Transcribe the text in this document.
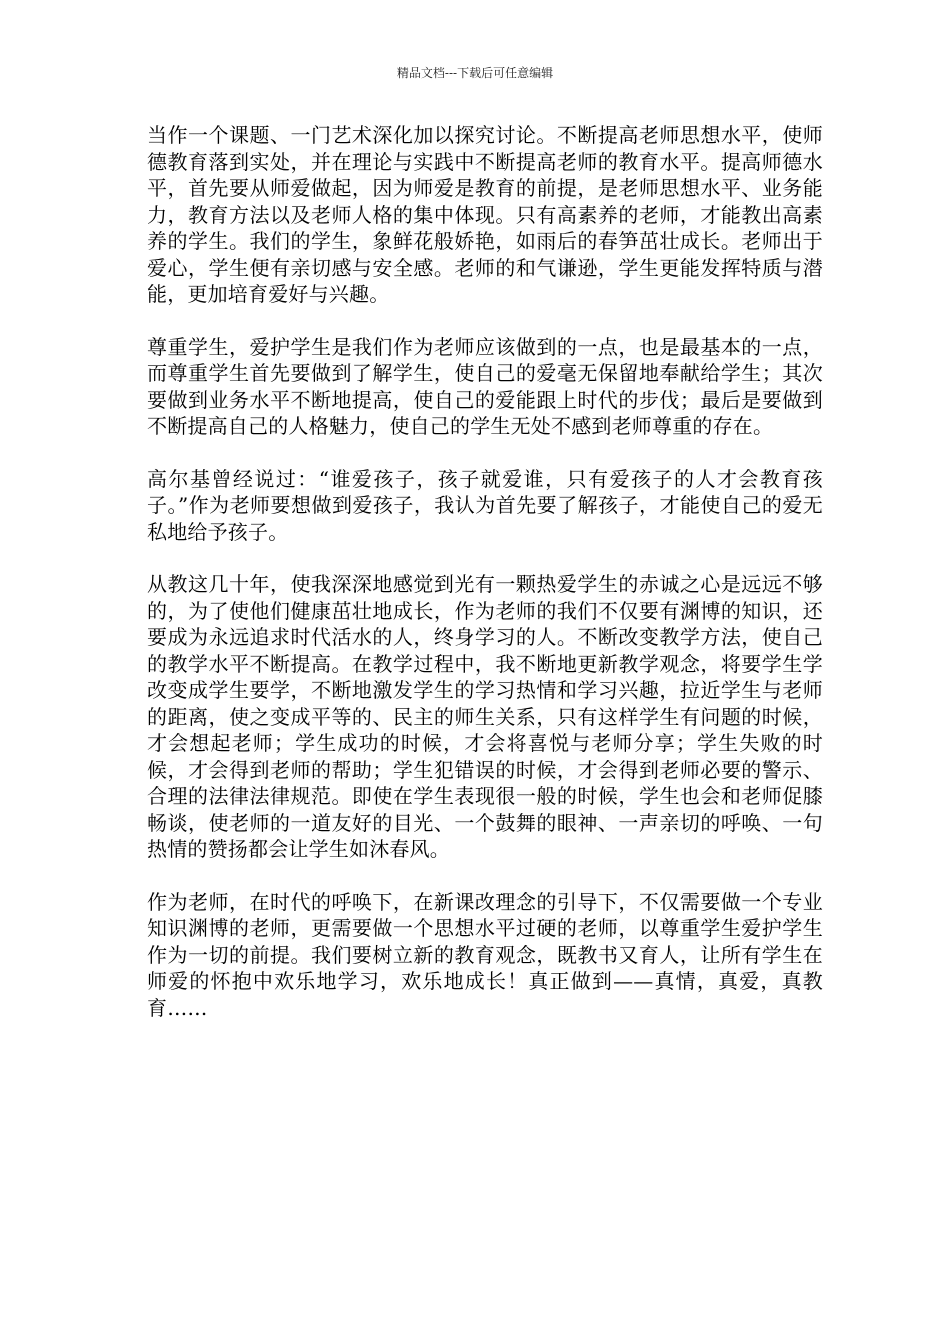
精品文档---下载后可任意编辑

当作一个课题、一门艺术深化加以探究讨论。不断提高老师思想水平，使师德教育落到实处，并在理论与实践中不断提高老师的教育水平。提高师德水平，首先要从师爱做起，因为师爱是教育的前提，是老师思想水平、业务能力，教育方法以及老师人格的集中体现。只有高素养的老师，才能教出高素养的学生。我们的学生，象鲜花般娇艳，如雨后的春笋茁壮成长。老师出于爱心，学生便有亲切感与安全感。老师的和气谦逊，学生更能发挥特质与潜能，更加培育爱好与兴趣。

尊重学生，爱护学生是我们作为老师应该做到的一点，也是最基本的一点，而尊重学生首先要做到了解学生，使自己的爱毫无保留地奉献给学生；其次要做到业务水平不断地提高，使自己的爱能跟上时代的步伐；最后是要做到不断提高自己的人格魅力，使自己的学生无处不感到老师尊重的存在。

高尔基曾经说过：“谁爱孩子，孩子就爱谁，只有爱孩子的人才会教育孩子。”作为老师要想做到爱孩子，我认为首先要了解孩子，才能使自己的爱无私地给予孩子。

从教这几十年，使我深深地感觉到光有一颗热爱学生的赤诚之心是远远不够的，为了使他们健康茁壮地成长，作为老师的我们不仅要有渊博的知识，还要成为永远追求时代活水的人，终身学习的人。不断改变教学方法，使自己的教学水平不断提高。在教学过程中，我不断地更新教学观念，将要学生学改变成学生要学，不断地激发学生的学习热情和学习兴趣，拉近学生与老师的距离，使之变成平等的、民主的师生关系，只有这样学生有问题的时候，才会想起老师；学生成功的时候，才会将喜悦与老师分享；学生失败的时候，才会得到老师的帮助；学生犯错误的时候，才会得到老师必要的警示、合理的法律法律规范。即使在学生表现很一般的时候，学生也会和老师促膝畅谈，使老师的一道友好的目光、一个鼓舞的眼神、一声亲切的呼唤、一句热情的赞扬都会让学生如沐春风。

作为老师，在时代的呼唤下，在新课改理念的引导下，不仅需要做一个专业知识渊博的老师，更需要做一个思想水平过硬的老师，以尊重学生爱护学生作为一切的前提。我们要树立新的教育观念，既教书又育人，让所有学生在师爱的怀抱中欢乐地学习，欢乐地成长！真正做到——真情，真爱，真教育……
